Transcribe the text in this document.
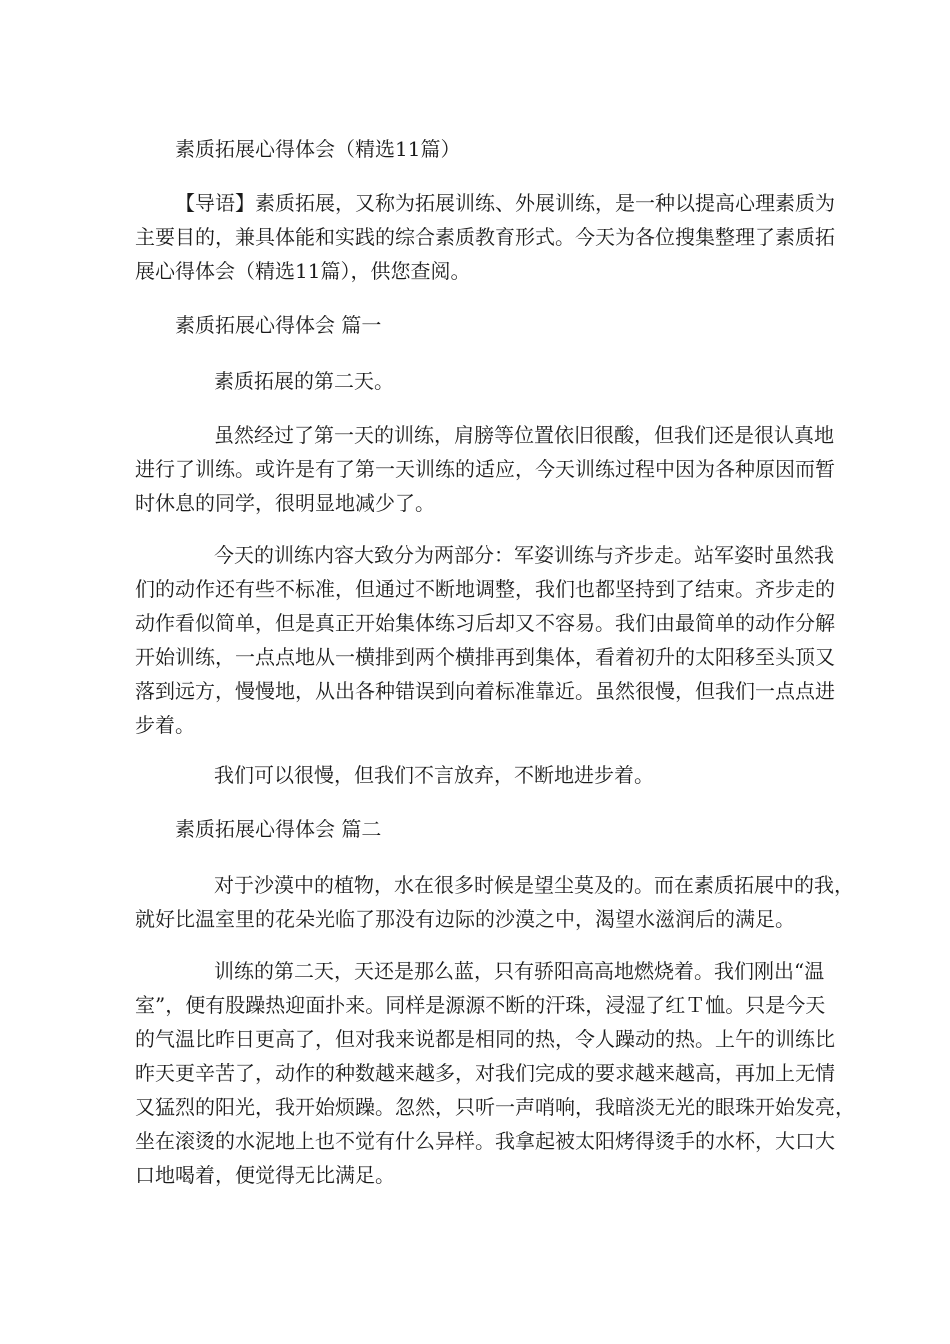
素质拓展心得体会（精选11篇）
【导语】素质拓展，又称为拓展训练、外展训练，是一种以提高心理素质为
主要目的，兼具体能和实践的综合素质教育形式。今天为各位搜集整理了素质拓
展心得体会（精选11篇），供您查阅。
素质拓展心得体会 篇一
素质拓展的第二天。
虽然经过了第一天的训练，肩膀等位置依旧很酸，但我们还是很认真地
进行了训练。或许是有了第一天训练的适应，今天训练过程中因为各种原因而暂
时休息的同学，很明显地减少了。
今天的训练内容大致分为两部分：军姿训练与齐步走。站军姿时虽然我
们的动作还有些不标准，但通过不断地调整，我们也都坚持到了结束。齐步走的
动作看似简单，但是真正开始集体练习后却又不容易。我们由最简单的动作分解
开始训练，一点点地从一横排到两个横排再到集体，看着初升的太阳移至头顶又
落到远方，慢慢地，从出各种错误到向着标准靠近。虽然很慢，但我们一点点进
步着。
我们可以很慢，但我们不言放弃，不断地进步着。
素质拓展心得体会 篇二
对于沙漠中的植物，水在很多时候是望尘莫及的。而在素质拓展中的我，
就好比温室里的花朵光临了那没有边际的沙漠之中，渴望水滋润后的满足。
训练的第二天，天还是那么蓝，只有骄阳高高地燃烧着。我们刚出“温
室”，便有股躁热迎面扑来。同样是源源不断的汗珠，浸湿了红Ｔ恤。只是今天
的气温比昨日更高了，但对我来说都是相同的热，令人躁动的热。上午的训练比
昨天更辛苦了，动作的种数越来越多，对我们完成的要求越来越高，再加上无情
又猛烈的阳光，我开始烦躁。忽然，只听一声哨响，我暗淡无光的眼珠开始发亮，
坐在滚烫的水泥地上也不觉有什么异样。我拿起被太阳烤得烫手的水杯，大口大
口地喝着，便觉得无比满足。
